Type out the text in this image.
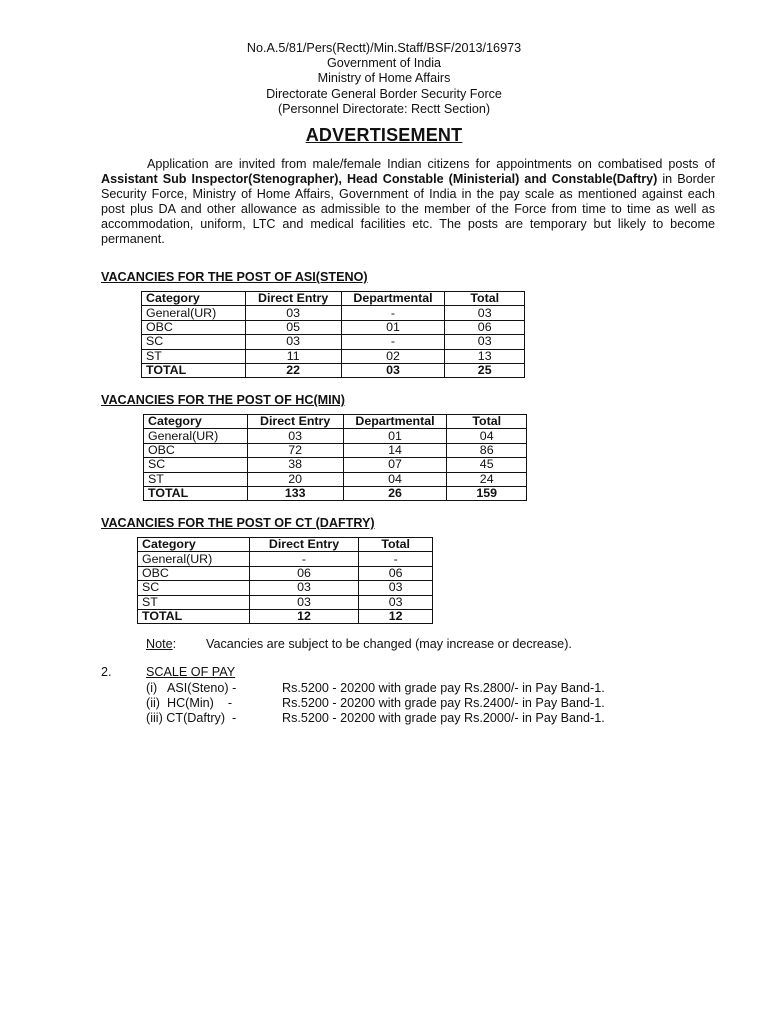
No.A.5/81/Pers(Rectt)/Min.Staff/BSF/2013/16973
Government of India
Ministry of Home Affairs
Directorate General Border Security Force
(Personnel Directorate: Rectt Section)
ADVERTISEMENT
Application are invited from male/female Indian citizens for appointments on combatised posts of Assistant Sub Inspector(Stenographer), Head Constable (Ministerial) and Constable(Daftry) in Border Security Force, Ministry of Home Affairs, Government of India in the pay scale as mentioned against each post plus DA and other allowance as admissible to the member of the Force from time to time as well as accommodation, uniform, LTC and medical facilities etc. The posts are temporary but likely to become permanent.
VACANCIES FOR THE POST OF ASI(STENO)
Category	Direct Entry	Departmental	Total
General(UR)	03	-	03
OBC	05	01	06
SC	03	-	03
ST	11	02	13
TOTAL	22	03	25
VACANCIES FOR THE POST OF HC(MIN)
Category	Direct Entry	Departmental	Total
General(UR)	03	01	04
OBC	72	14	86
SC	38	07	45
ST	20	04	24
TOTAL	133	26	159
VACANCIES FOR THE POST OF CT (DAFTRY)
Category	Direct Entry	Total
General(UR)	-	-
OBC	06	06
SC	03	03
ST	03	03
TOTAL	12	12
Note: Vacancies are subject to be changed (may increase or decrease).
2.	SCALE OF PAY
(i)   ASI(Steno) -	Rs.5200 - 20200 with grade pay Rs.2800/- in Pay Band-1.
(ii)  HC(Min)    -	Rs.5200 - 20200 with grade pay Rs.2400/- in Pay Band-1.
(iii) CT(Daftry)  -	Rs.5200 - 20200 with grade pay Rs.2000/- in Pay Band-1.
